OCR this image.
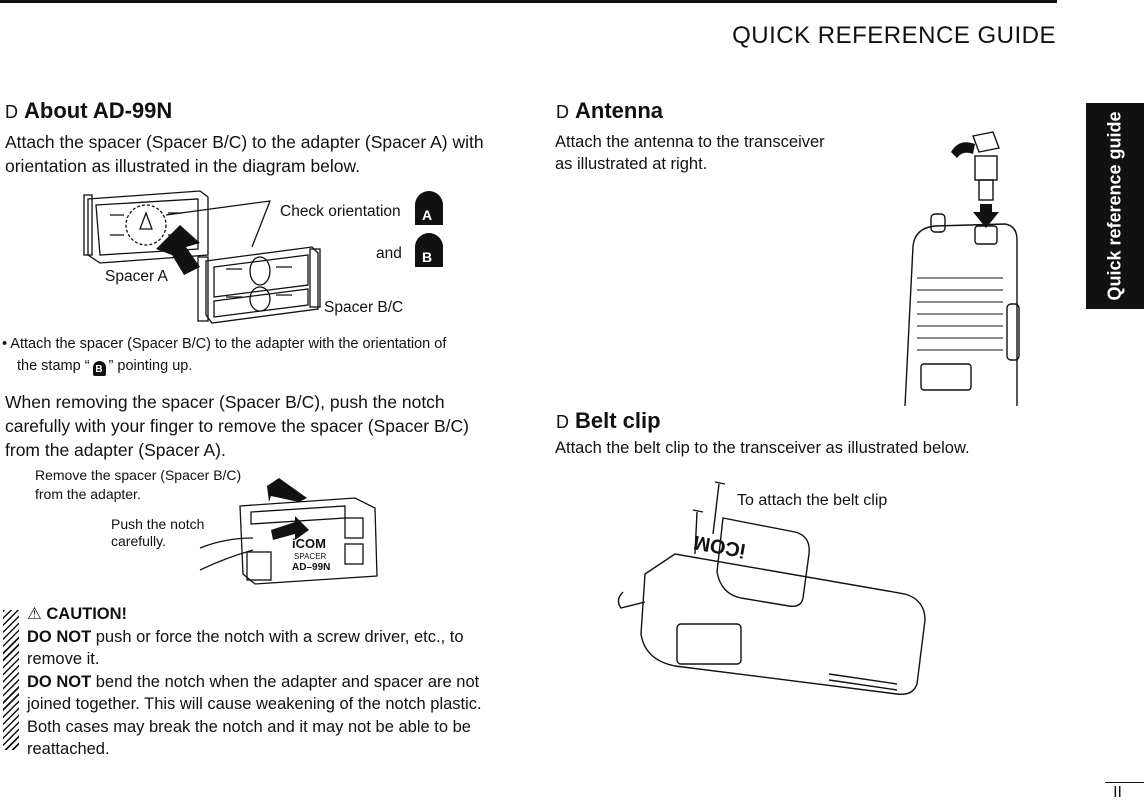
QUICK REFERENCE GUIDE
Quick reference guide
D About AD-99N
Attach the spacer (Spacer B/C) to the adapter (Spacer A) with orientation as illustrated in the diagram below.
Check orientation
and
A
B
Spacer A
Spacer B/C
• Attach the spacer (Spacer B/C) to the adapter with the orientation of
the stamp “ B ” pointing up.
When removing the spacer (Spacer B/C), push the notch carefully with your finger to remove the spacer (Spacer B/C) from the adapter (Spacer A).
iCOM
SPACER
AD–99N
Remove the spacer (Spacer B/C)
from the adapter.
Push the notch
carefully.
⚠ CAUTION!
DO NOT push or force the notch with a screw driver, etc., to remove it.
DO NOT bend the notch when the adapter and spacer are not joined together. This will cause weakening of the notch plastic. Both cases may break the notch and it may not be able to be reattached.
D Antenna
Attach the antenna to the transceiver
as illustrated at right.
D Belt clip
Attach the belt clip to the transceiver as illustrated below.
To attach the belt clip
iCOM
II
